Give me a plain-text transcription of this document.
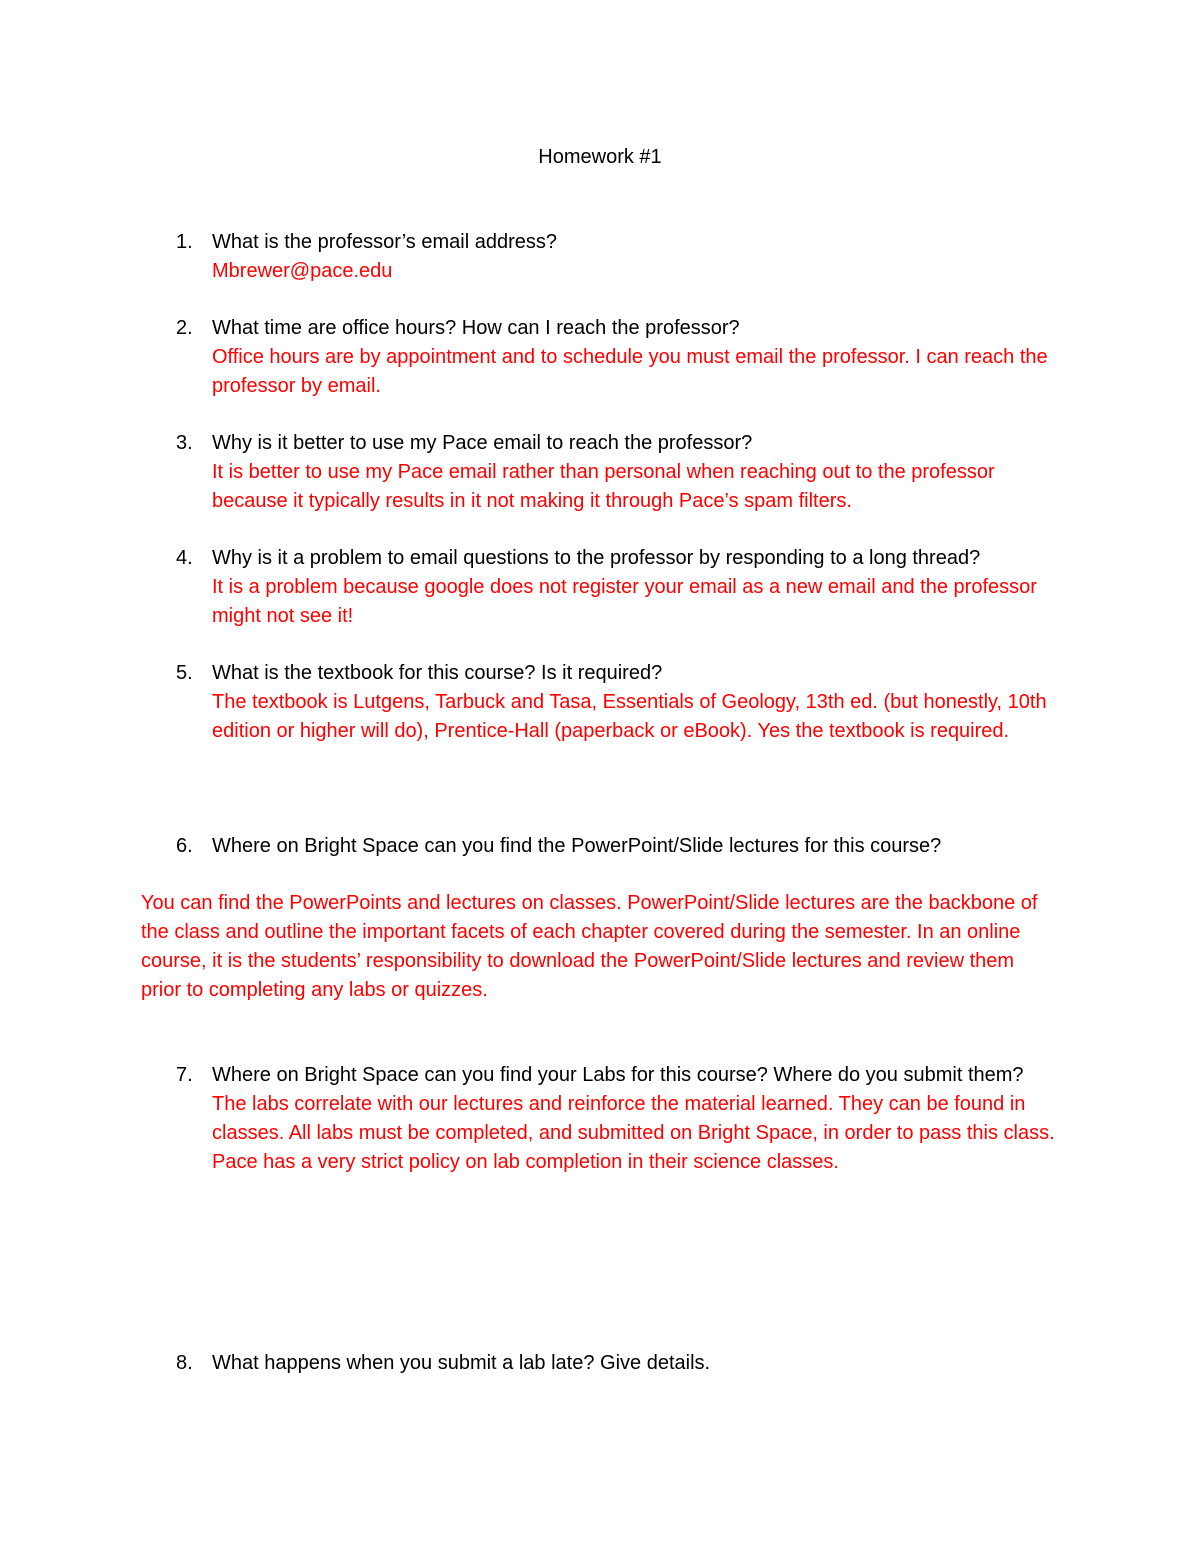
Homework #1
1. What is the professor’s email address?
Mbrewer@pace.edu
2. What time are office hours? How can I reach the professor?
Office hours are by appointment and to schedule you must email the professor. I can reach the professor by email.
3. Why is it better to use my Pace email to reach the professor?
It is better to use my Pace email rather than personal when reaching out to the professor because it typically results in it not making it through Pace’s spam filters.
4. Why is it a problem to email questions to the professor by responding to a long thread?
It is a problem because google does not register your email as a new email and the professor might not see it!
5. What is the textbook for this course? Is it required?
The textbook is Lutgens, Tarbuck and Tasa, Essentials of Geology, 13th ed. (but honestly, 10th edition or higher will do), Prentice-Hall (paperback or eBook). Yes the textbook is required.
6. Where on Bright Space can you find the PowerPoint/Slide lectures for this course?
You can find the PowerPoints and lectures on classes. PowerPoint/Slide lectures are the backbone of the class and outline the important facets of each chapter covered during the semester. In an online course, it is the students’ responsibility to download the PowerPoint/Slide lectures and review them prior to completing any labs or quizzes.
7. Where on Bright Space can you find your Labs for this course? Where do you submit them?
The labs correlate with our lectures and reinforce the material learned. They can be found in classes. All labs must be completed, and submitted on Bright Space, in order to pass this class. Pace has a very strict policy on lab completion in their science classes.
8. What happens when you submit a lab late? Give details.
